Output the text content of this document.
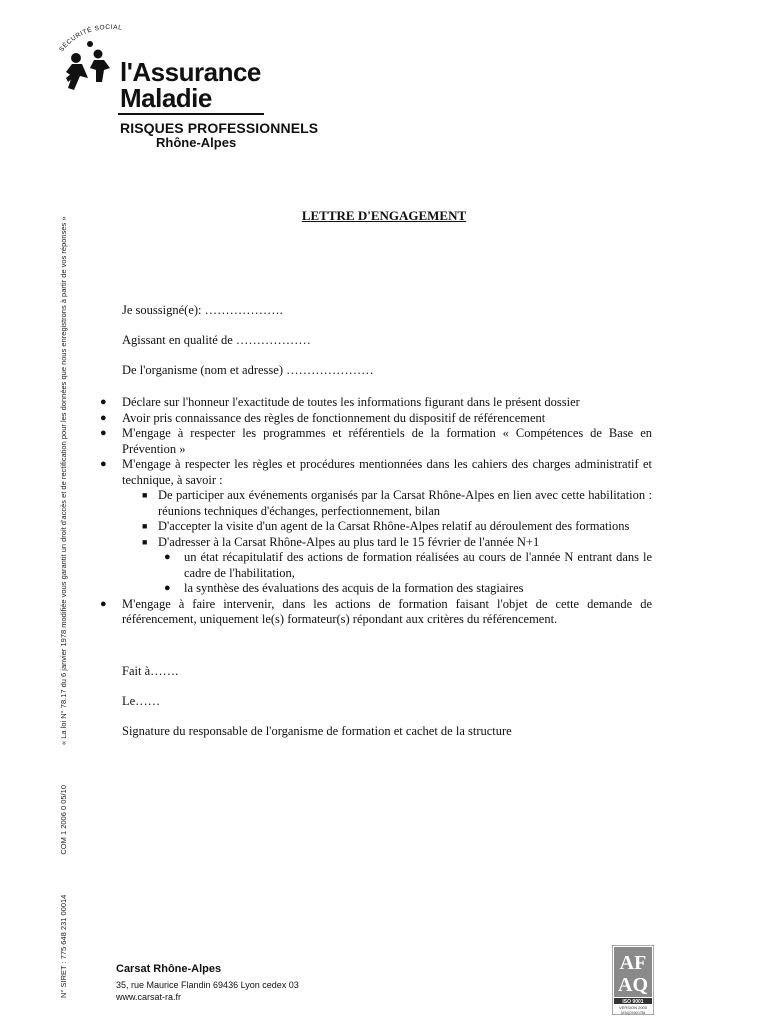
SÉCURITÉ SOCIAL
l'Assurance
Maladie
RISQUES PROFESSIONNELS
Rhône-Alpes
N° SIRET : 775 648 231 00014
COM 1 2006 0 05/10
« La loi N° 78.17 du 6 janvier 1978 modifiée vous garantit un droit d'accès et de rectification pour les données que nous enregistrons à partir de vos réponses »
LETTRE D'ENGAGEMENT
Je soussigné(e): ……………….
Agissant en qualité de ………………
De l'organisme (nom et adresse) …………………
● Déclare sur l'honneur l'exactitude de toutes les informations figurant dans le présent dossier
● Avoir pris connaissance des règles de fonctionnement du dispositif de référencement
● M'engage à respecter les programmes et référentiels de la formation « Compétences de Base en Prévention »
● M'engage à respecter les règles et procédures mentionnées dans les cahiers des charges administratif et technique, à savoir :
■ De participer aux événements organisés par la Carsat Rhône-Alpes en lien avec cette habilitation : réunions techniques d'échanges, perfectionnement, bilan
■ D'accepter la visite d'un agent de la Carsat Rhône-Alpes relatif au déroulement des formations
■ D'adresser à la Carsat Rhône-Alpes au plus tard le 15 février de l'année N+1
● un état récapitulatif des actions de formation réalisées au cours de l'année N entrant dans le cadre de l'habilitation,
● la synthèse des évaluations des acquis de la formation des stagiaires
● M'engage à faire intervenir, dans les actions de formation faisant l'objet de cette demande de référencement, uniquement le(s) formateur(s) répondant aux critères du référencement.
Fait à…….
Le……
Signature du responsable de l'organisme de formation et cachet de la structure
Carsat Rhône-Alpes
35, rue Maurice Flandin 69436 Lyon cedex 03
www.carsat-ra.fr
AF
AQ
ISO 9001
VERSION 2000
AFAQ/2000/1758
